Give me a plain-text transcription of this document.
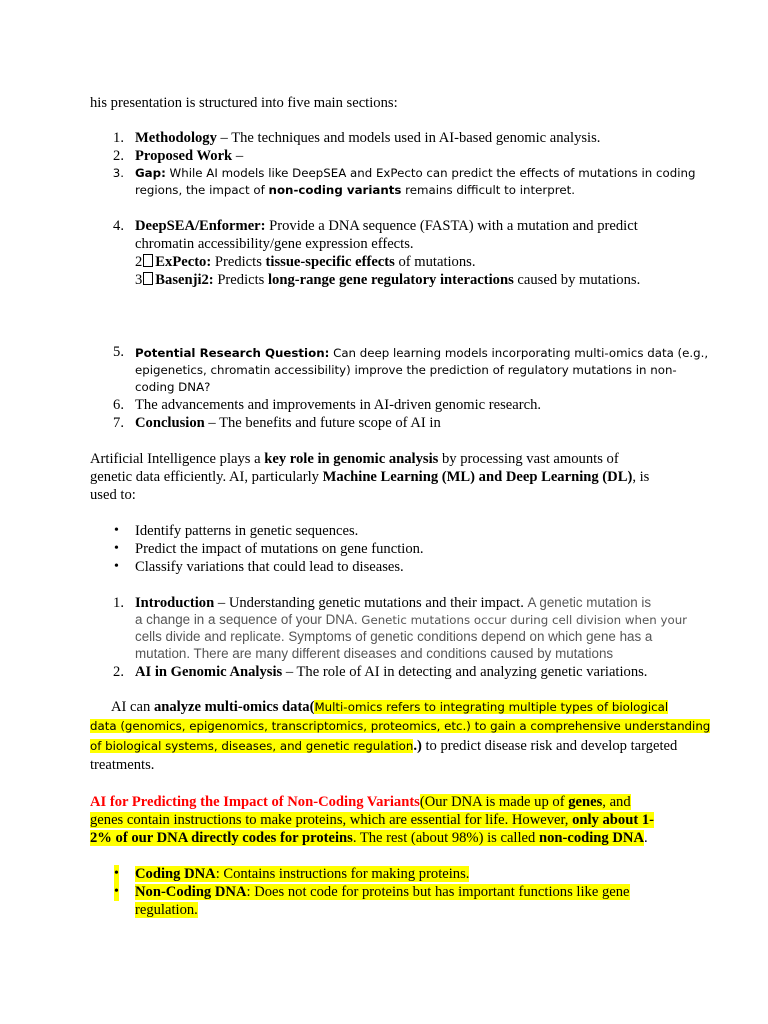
his presentation is structured into five main sections:
1. Methodology – The techniques and models used in AI-based genomic analysis.
2. Proposed Work –
3. Gap: While AI models like DeepSEA and ExPecto can predict the effects of mutations in coding
regions, the impact of non-coding variants remains difficult to interpret.
4. DeepSEA/Enformer: Provide a DNA sequence (FASTA) with a mutation and predict
chromatin accessibility/gene expression effects.
2 ExPecto: Predicts tissue-specific effects of mutations.
3 Basenji2: Predicts long-range gene regulatory interactions caused by mutations.
5. Potential Research Question: Can deep learning models incorporating multi-omics data (e.g.,
epigenetics, chromatin accessibility) improve the prediction of regulatory mutations in non-
coding DNA?
6. The advancements and improvements in AI-driven genomic research.
7. Conclusion – The benefits and future scope of AI in
Artificial Intelligence plays a key role in genomic analysis by processing vast amounts of
genetic data efficiently. AI, particularly Machine Learning (ML) and Deep Learning (DL), is
used to:
• Identify patterns in genetic sequences.
• Predict the impact of mutations on gene function.
• Classify variations that could lead to diseases.
1. Introduction – Understanding genetic mutations and their impact. A genetic mutation is
a change in a sequence of your DNA. Genetic mutations occur during cell division when your
cells divide and replicate. Symptoms of genetic conditions depend on which gene has a
mutation. There are many different diseases and conditions caused by mutations
2. AI in Genomic Analysis – The role of AI in detecting and analyzing genetic variations.
AI can analyze multi-omics data(Multi-omics refers to integrating multiple types of biological
data (genomics, epigenomics, transcriptomics, proteomics, etc.) to gain a comprehensive understanding
of biological systems, diseases, and genetic regulation.) to predict disease risk and develop targeted
treatments.
AI for Predicting the Impact of Non-Coding Variants(Our DNA is made up of genes, and
genes contain instructions to make proteins, which are essential for life. However, only about 1-
2% of our DNA directly codes for proteins. The rest (about 98%) is called non-coding DNA.
• Coding DNA: Contains instructions for making proteins.
• Non-Coding DNA: Does not code for proteins but has important functions like gene
regulation.
